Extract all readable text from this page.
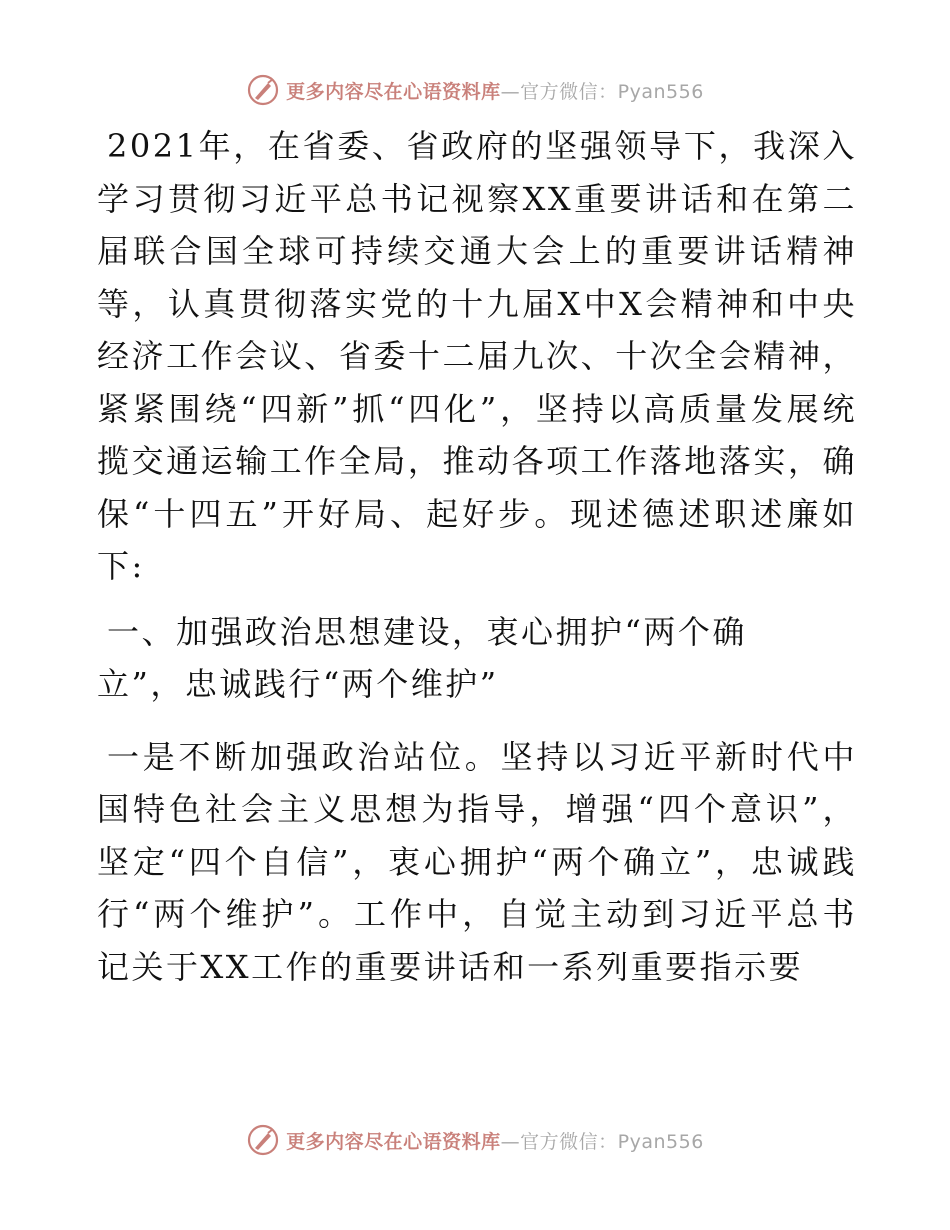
更多内容尽在心语资料库—官方微信：Pyan556

2021年，在省委、省政府的坚强领导下，我深入学习贯彻习近平总书记视察XX重要讲话和在第二届联合国全球可持续交通大会上的重要讲话精神等，认真贯彻落实党的十九届X中X会精神和中央经济工作会议、省委十二届九次、十次全会精神，紧紧围绕“四新”抓“四化”，坚持以高质量发展统揽交通运输工作全局，推动各项工作落地落实，确保“十四五”开好局、起好步。现述德述职述廉如下:

一、加强政治思想建设，衷心拥护“两个确立”，忠诚践行“两个维护”

一是不断加强政治站位。坚持以习近平新时代中国特色社会主义思想为指导，增强“四个意识”，坚定“四个自信”，衷心拥护“两个确立”，忠诚践行“两个维护”。工作中，自觉主动到习近平总书记关于XX工作的重要讲话和一系列重要指示要

更多内容尽在心语资料库—官方微信：Pyan556
